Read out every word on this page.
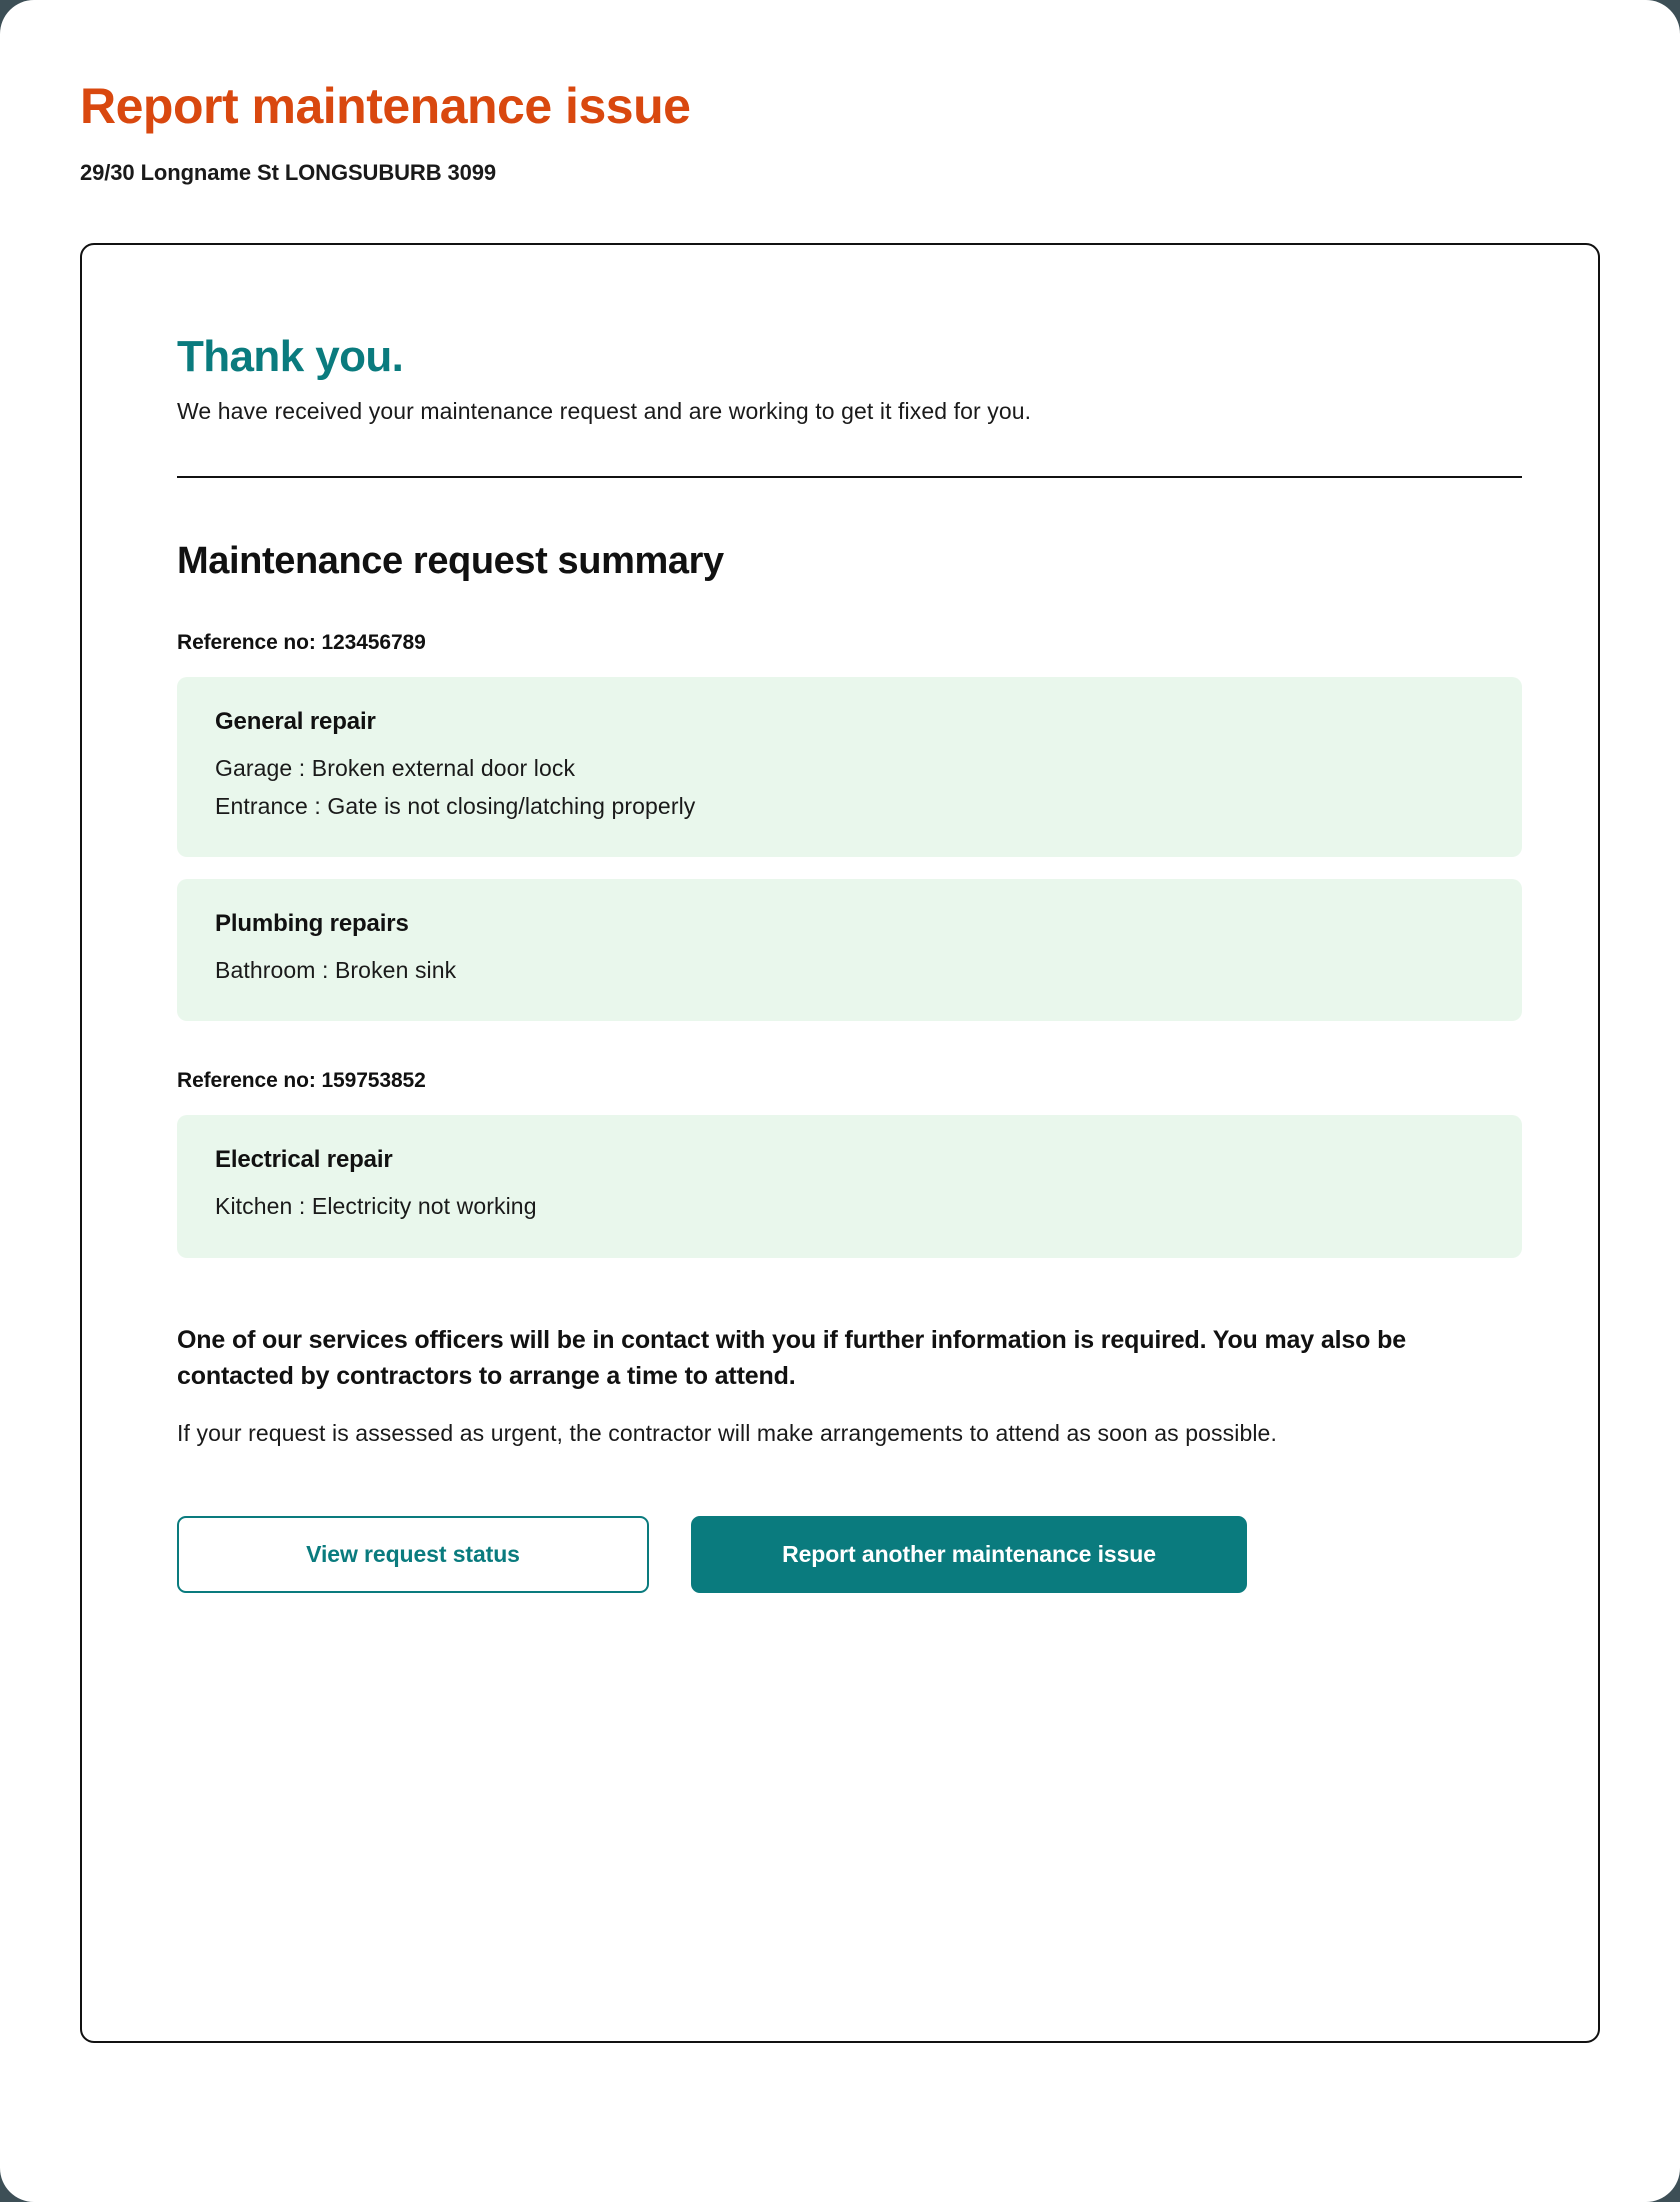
Report maintenance issue
29/30 Longname St LONGSUBURB 3099
Thank you.

We have received your maintenance request and are working to get it fixed for you.

Maintenance request summary
Reference no: 123456789
General repair
Garage : Broken external door lock
Entrance : Gate is not closing/latching properly
Plumbing repairs
Bathroom : Broken sink
Reference no: 159753852
Electrical repair
Kitchen : Electricity not working

One of our services officers will be in contact with you if further information is required. You may also be contacted by contractors to arrange a time to attend.

If your request is assessed as urgent, the contractor will make arrangements to attend as soon as possible.

View request status	Report another maintenance issue
